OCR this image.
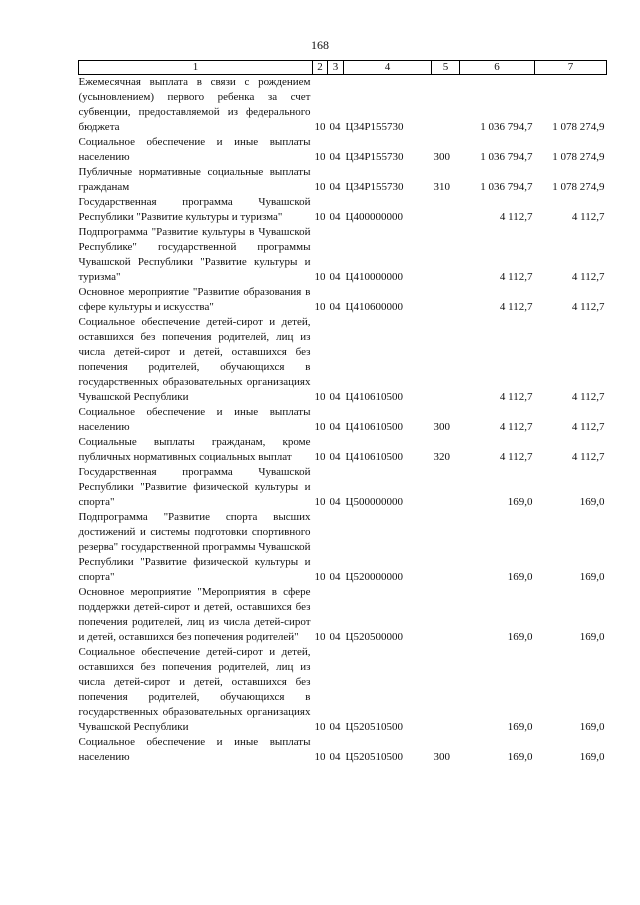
168
1	2	3	4	5	6	7
Ежемесячная выплата в связи с рождением (усыновлением) первого ребенка за счет субвенции, предоставляемой из федерального бюджета	10	04	Ц34Р155730		1 036 794,7	1 078 274,9
Социальное обеспечение и иные выплаты населению	10	04	Ц34Р155730	300	1 036 794,7	1 078 274,9
Публичные нормативные социальные выплаты гражданам	10	04	Ц34Р155730	310	1 036 794,7	1 078 274,9
Государственная программа Чувашской Республики "Развитие культуры и туризма"	10	04	Ц400000000		4 112,7	4 112,7
Подпрограмма "Развитие культуры в Чувашской Республике" государственной программы Чувашской Республики "Развитие культуры и туризма"	10	04	Ц410000000		4 112,7	4 112,7
Основное мероприятие "Развитие образования в сфере культуры и искусства"	10	04	Ц410600000		4 112,7	4 112,7
Социальное обеспечение детей-сирот и детей, оставшихся без попечения родителей, лиц из числа детей-сирот и детей, оставшихся без попечения родителей, обучающихся в государственных образовательных организациях Чувашской Республики	10	04	Ц410610500		4 112,7	4 112,7
Социальное обеспечение и иные выплаты населению	10	04	Ц410610500	300	4 112,7	4 112,7
Социальные выплаты гражданам, кроме публичных нормативных социальных выплат	10	04	Ц410610500	320	4 112,7	4 112,7
Государственная программа Чувашской Республики "Развитие физической культуры и спорта"	10	04	Ц500000000		169,0	169,0
Подпрограмма "Развитие спорта высших достижений и системы подготовки спортивного резерва" государственной программы Чувашской Республики "Развитие физической культуры и спорта"	10	04	Ц520000000		169,0	169,0
Основное мероприятие "Мероприятия в сфере поддержки детей-сирот и детей, оставшихся без попечения родителей, лиц из числа детей-сирот и детей, оставшихся без попечения родителей"	10	04	Ц520500000		169,0	169,0
Социальное обеспечение детей-сирот и детей, оставшихся без попечения родителей, лиц из числа детей-сирот и детей, оставшихся без попечения родителей, обучающихся в государственных образовательных организациях Чувашской Республики	10	04	Ц520510500		169,0	169,0
Социальное обеспечение и иные выплаты населению	10	04	Ц520510500	300	169,0	169,0
